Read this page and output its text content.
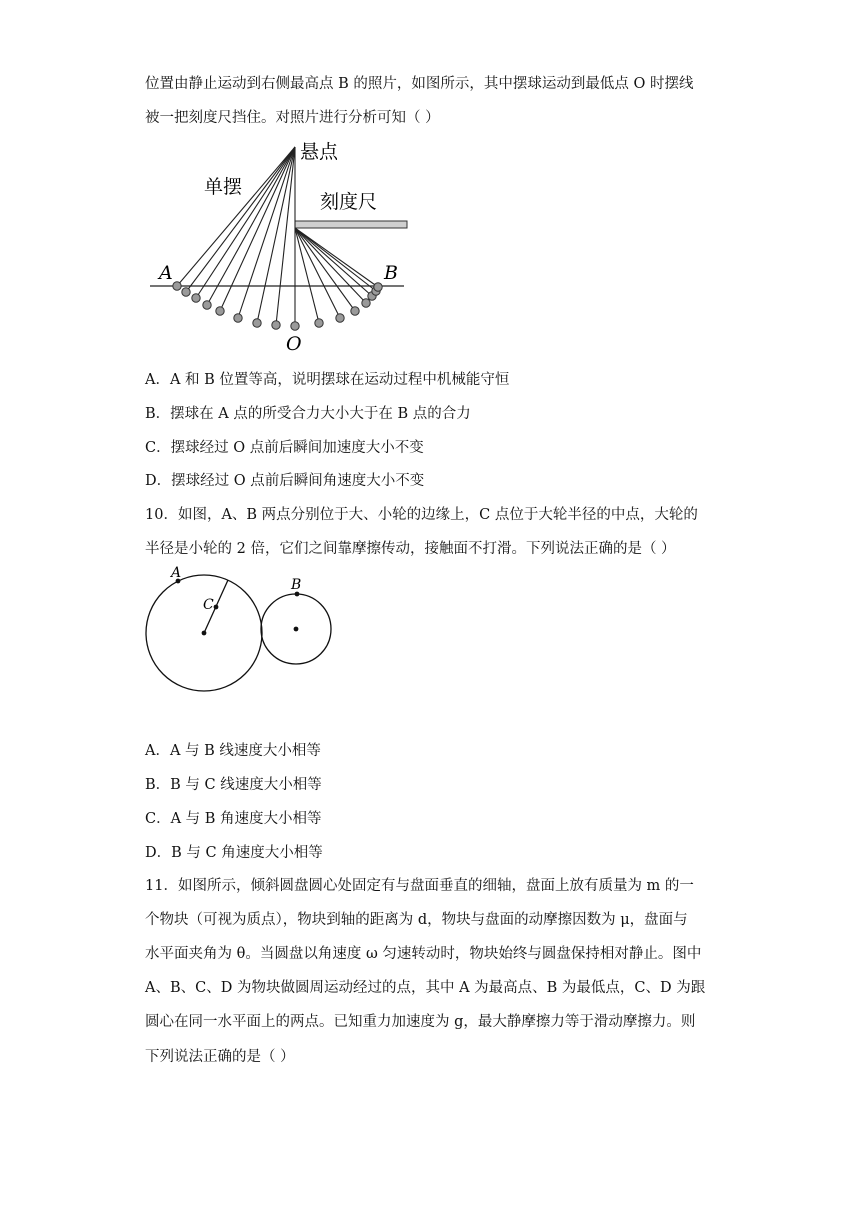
位置由静止运动到右侧最高点 B 的照片，如图所示，其中摆球运动到最低点 O 时摆线
被一把刻度尺挡住。对照片进行分析可知（ ）
悬点
单摆
刻度尺
A	B
O
A．A 和 B 位置等高，说明摆球在运动过程中机械能守恒
B．摆球在 A 点的所受合力大小大于在 B 点的合力
C．摆球经过 O 点前后瞬间加速度大小不变
D．摆球经过 O 点前后瞬间角速度大小不变
10．如图，A、B 两点分别位于大、小轮的边缘上，C 点位于大轮半径的中点，大轮的
半径是小轮的 2 倍，它们之间靠摩擦传动，接触面不打滑。下列说法正确的是（ ）
A
C
B
A．A 与 B 线速度大小相等
B．B 与 C 线速度大小相等
C．A 与 B 角速度大小相等
D．B 与 C 角速度大小相等
11．如图所示，倾斜圆盘圆心处固定有与盘面垂直的细轴，盘面上放有质量为 m 的一
个物块（可视为质点），物块到轴的距离为 d，物块与盘面的动摩擦因数为 μ，盘面与
水平面夹角为 θ。当圆盘以角速度 ω 匀速转动时，物块始终与圆盘保持相对静止。图中
A、B、C、D 为物块做圆周运动经过的点，其中 A 为最高点、B 为最低点，C、D 为跟
圆心在同一水平面上的两点。已知重力加速度为 g，最大静摩擦力等于滑动摩擦力。则
下列说法正确的是（ ）
